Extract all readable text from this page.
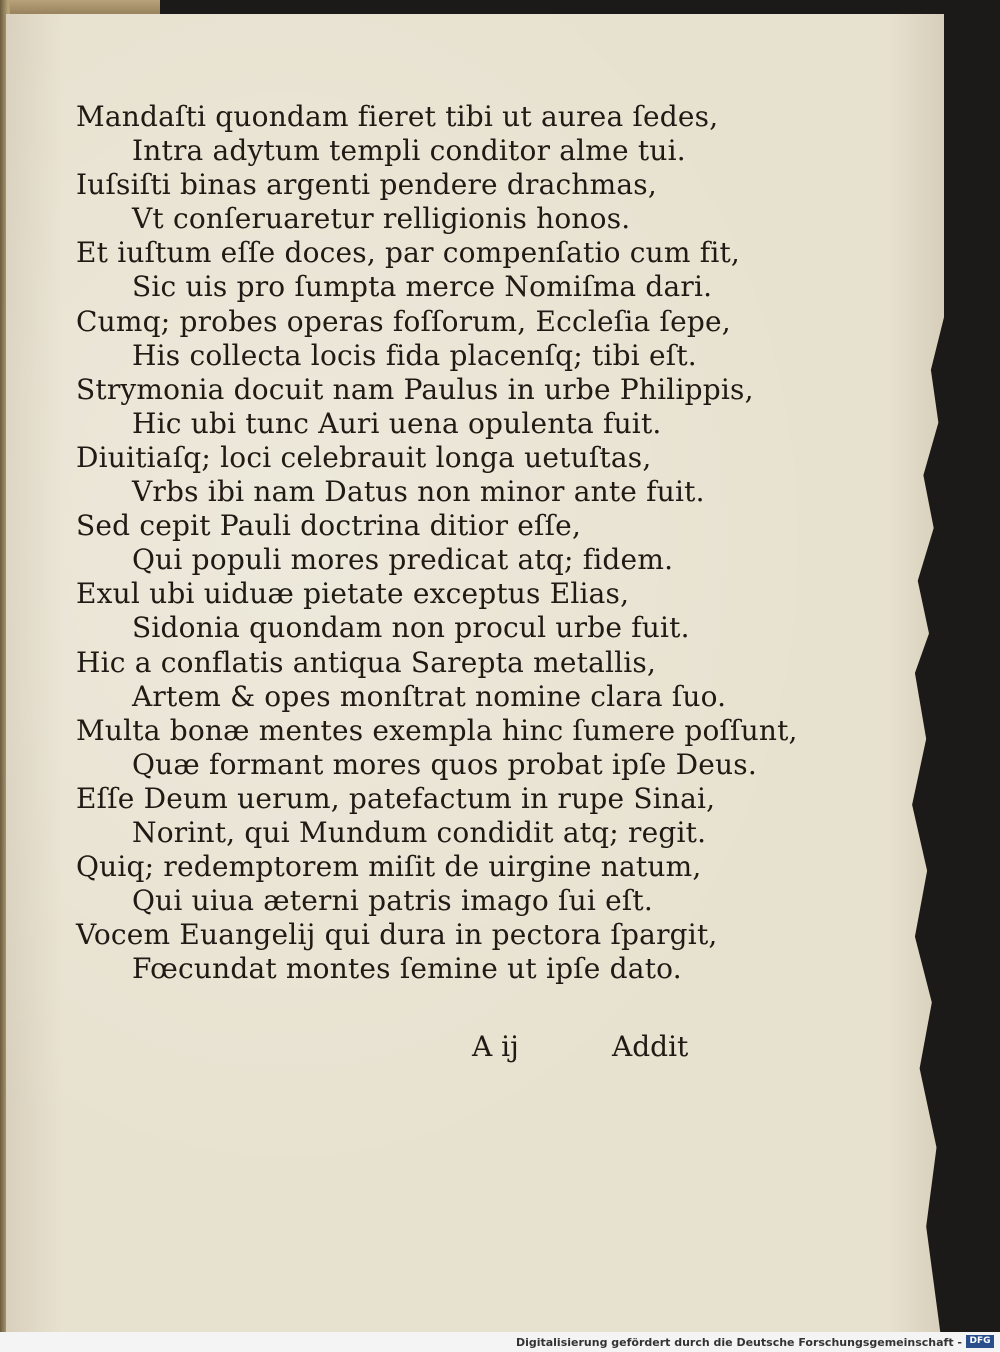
Mandaſti quondam fieret tibi ut aurea ſedes,
Intra adytum templi conditor alme tui.
Iuſsiſti binas argenti pendere drachmas,
Vt conſeruaretur relligionis honos.
Et iuſtum eſſe doces, par compenſatio cum fit,
Sic uis pro ſumpta merce Nomiſma dari.
Cumq; probes operas foſſorum, Eccleſia ſepe,
His collecta locis fida placenſq; tibi eſt.
Strymonia docuit nam Paulus in urbe Philippis,
Hic ubi tunc Auri uena opulenta fuit.
Diuitiaſq; loci celebrauit longa uetuſtas,
Vrbs ibi nam Datus non minor ante fuit.
Sed cepit Pauli doctrina ditior eſſe,
Qui populi mores predicat atq; fidem.
Exul ubi uiduæ pietate exceptus Elias,
Sidonia quondam non procul urbe fuit.
Hic a conflatis antiqua Sarepta metallis,
Artem & opes monſtrat nomine clara ſuo.
Multa bonæ mentes exempla hinc ſumere poſſunt,
Quæ formant mores quos probat ipſe Deus.
Eſſe Deum uerum, patefactum in rupe Sinai,
Norint, qui Mundum condidit atq; regit.
Quiq; redemptorem miſit de uirgine natum,
Qui uiua æterni patris imago ſui eſt.
Vocem Euangelij qui dura in pectora ſpargit,
Fœcundat montes ſemine ut ipſe dato.
A ij	Addit
Digitalisierung gefördert durch die Deutsche Forschungsgemeinschaft - DFG
